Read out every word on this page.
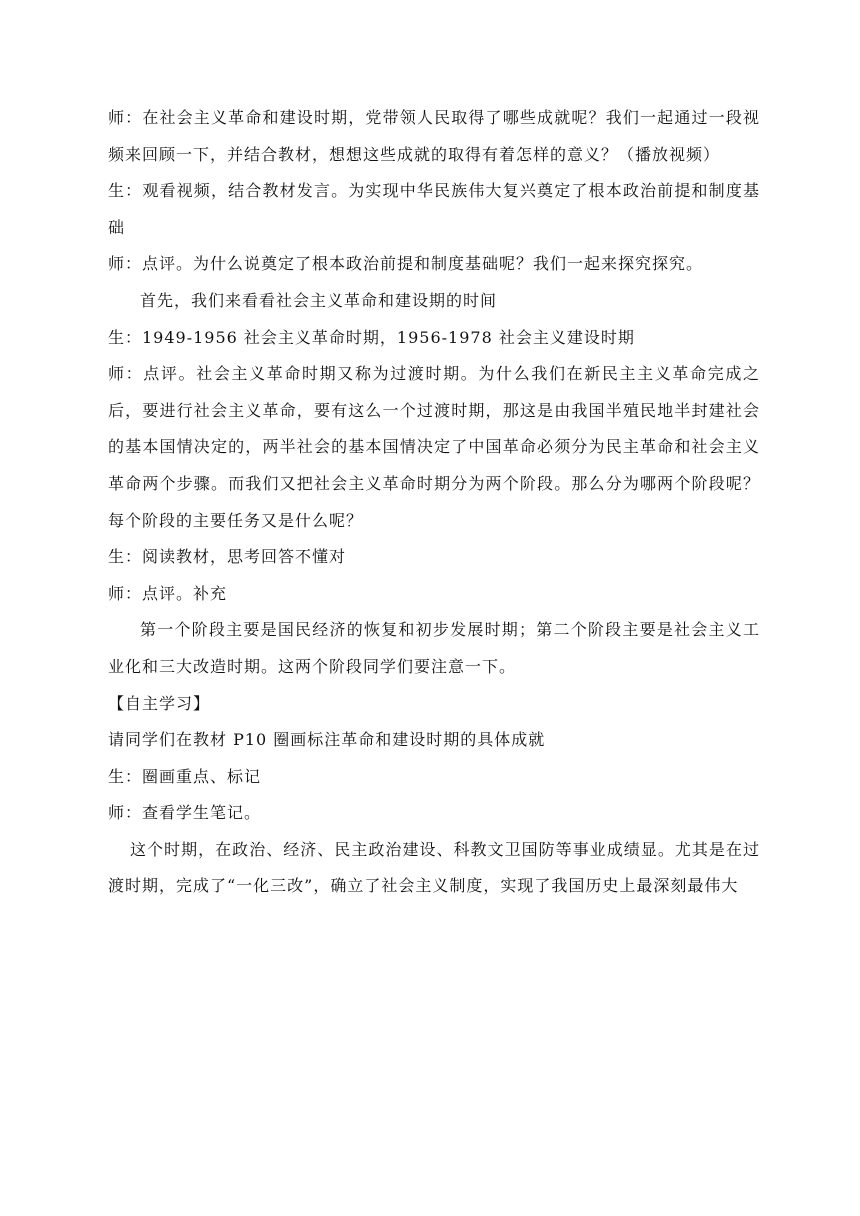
师：在社会主义革命和建设时期，党带领人民取得了哪些成就呢？我们一起通过一段视频来回顾一下，并结合教材，想想这些成就的取得有着怎样的意义？（播放视频）

生：观看视频，结合教材发言。为实现中华民族伟大复兴奠定了根本政治前提和制度基础

师：点评。为什么说奠定了根本政治前提和制度基础呢？我们一起来探究探究。

首先，我们来看看社会主义革命和建设期的时间

生：1949-1956 社会主义革命时期，1956-1978 社会主义建设时期

师：点评。社会主义革命时期又称为过渡时期。为什么我们在新民主主义革命完成之后，要进行社会主义革命，要有这么一个过渡时期，那这是由我国半殖民地半封建社会的基本国情决定的，两半社会的基本国情决定了中国革命必须分为民主革命和社会主义革命两个步骤。而我们又把社会主义革命时期分为两个阶段。那么分为哪两个阶段呢？每个阶段的主要任务又是什么呢？

生：阅读教材，思考回答不懂对

师：点评。补充

第一个阶段主要是国民经济的恢复和初步发展时期；第二个阶段主要是社会主义工业化和三大改造时期。这两个阶段同学们要注意一下。

【自主学习】

请同学们在教材 P10 圈画标注革命和建设时期的具体成就

生：圈画重点、标记

师：查看学生笔记。

这个时期，在政治、经济、民主政治建设、科教文卫国防等事业成绩显。尤其是在过渡时期，完成了“一化三改”，确立了社会主义制度，实现了我国历史上最深刻最伟大
